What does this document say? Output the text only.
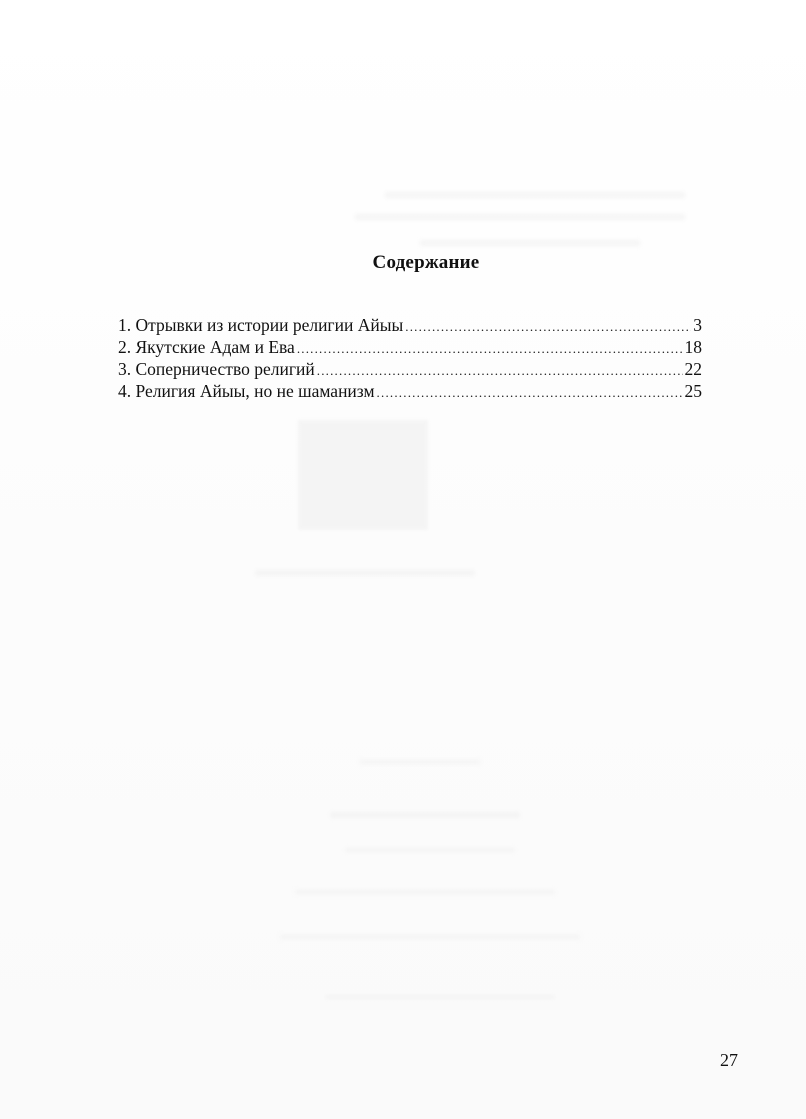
Содержание
1. Отрывки из истории религии Айыы .....	3
2. Якутские Адам и Ева .....	18
3. Соперничество религий .....	22
4. Религия Айыы, но не шаманизм .....	25
27
